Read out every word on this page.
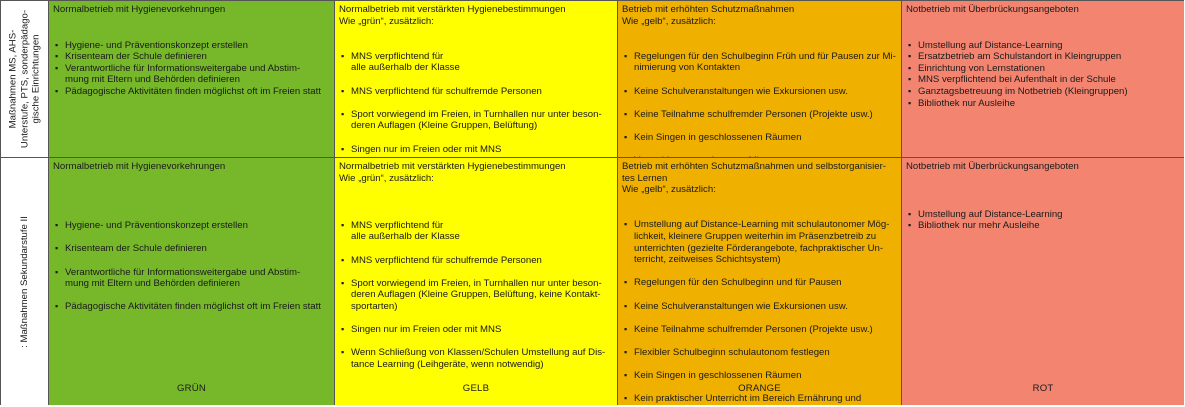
Maßnahmen MS, AHS- Unterstufe, PTS, sonderpädago- gische Einrichtungen
Normalbetrieb mit Hygienevorkehrungen
▪ Hygiene- und Präventionskonzept erstellen
▪ Krisenteam der Schule definieren
▪ Verantwortliche für Informationsweitergabe und Abstim-
mung mit Eltern und Behörden definieren
▪ Pädagogische Aktivitäten finden möglichst oft im Freien statt
Normalbetrieb mit verstärkten Hygienebestimmungen
Wie „grün“, zusätzlich:

▪ MNS verpflichtend für
alle außerhalb der Klasse

▪ MNS verpflichtend für schulfremde Personen

▪ Sport vorwiegend im Freien, in Turnhallen nur unter beson-
deren Auflagen (Kleine Gruppen, Belüftung)

▪ Singen nur im Freien oder mit MNS

Betrieb mit erhöhten Schutzmaßnahmen
Wie „gelb“, zusätzlich:

▪ Regelungen für den Schulbeginn Früh und für Pausen zur Mi-
nimierung von Kontakten

▪ Keine Schulveranstaltungen wie Exkursionen usw.

▪ Keine Teilnahme schulfremder Personen (Projekte usw.)

▪ Kein Singen in geschlossenen Räumen

▪

Notbetrieb mit Überbrückungsangeboten
▪ Umstellung auf Distance-Learning
▪ Ersatzbetrieb am Schulstandort in Kleingruppen
▪ Einrichtung von Lernstationen
▪ MNS verpflichtend bei Aufenthalt in der Schule
▪ Ganztagsbetreuung im Notbetrieb (Kleingruppen)
▪ Bibliothek nur Ausleihe
: Maßnahmen Sekundarstufe II
Normalbetrieb mit Hygienevorkehrungen

▪ Hygiene- und Präventionskonzept erstellen

▪ Krisenteam der Schule definieren

▪ Verantwortliche für Informationsweitergabe und Abstim-
mung mit Eltern und Behörden definieren

▪ Pädagogische Aktivitäten finden möglichst oft im Freien statt

GRÜN
Normalbetrieb mit verstärkten Hygienebestimmungen
Wie „grün“, zusätzlich:

▪ MNS verpflichtend für
alle außerhalb der Klasse

▪ MNS verpflichtend für schulfremde Personen

▪ Sport vorwiegend im Freien, in Turnhallen nur unter beson-
deren Auflagen (Kleine Gruppen, Belüftung, keine Kontakt-
sportarten)

▪ Singen nur im Freien oder mit MNS

▪ Wenn Schließung von Klassen/Schulen Umstellung auf Dis-
tance Learning (Leihgeräte, wenn notwendig)

GELB
Betrieb mit erhöhten Schutzmaßnahmen und selbstorganisier-
tes Lernen
Wie „gelb“, zusätzlich:

▪ Umstellung auf Distance-Learning mit schulautonomer Mög-
lichkeit, kleinere Gruppen weiterhin im Präsenzbetreib zu
unterrichten (gezielte Förderangebote, fachpraktischer Un-
terricht, zeitweises Schichtsystem)

▪ Regelungen für den Schulbeginn und für Pausen

▪ Keine Schulveranstaltungen wie Exkursionen usw.

▪ Keine Teilnahme schulfremder Personen (Projekte usw.)

▪ Flexibler Schulbeginn schulautonom festlegen

▪ Kein Singen in geschlossenen Räumen

▪ Kein praktischer Unterricht im Bereich Ernährung und

ORANGE
Notbetrieb mit Überbrückungsangeboten
▪ Umstellung auf Distance-Learning
▪ Bibliothek nur mehr Ausleihe
ROT
